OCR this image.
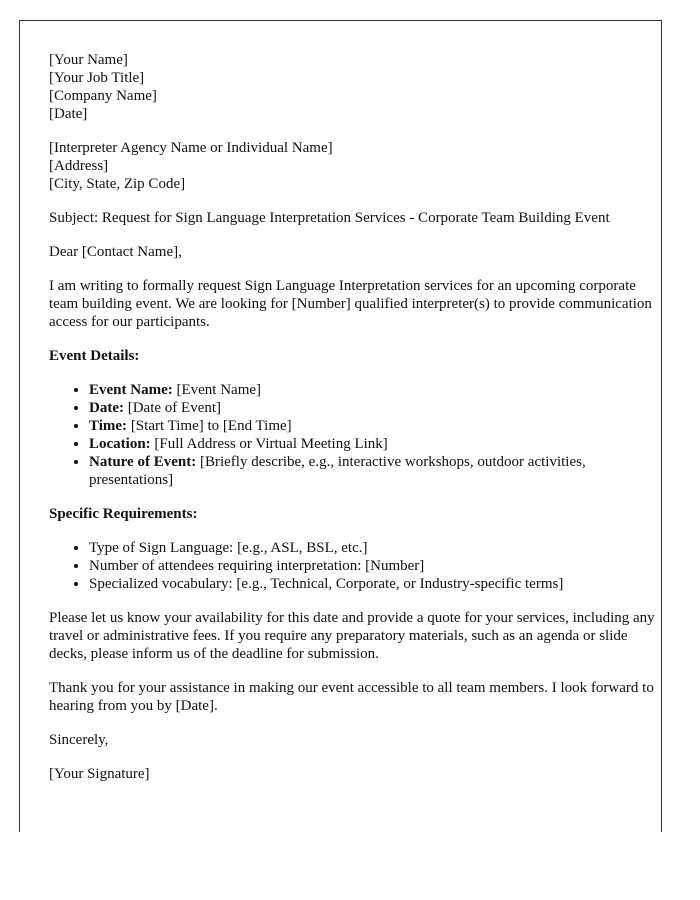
[Your Name]
[Your Job Title]
[Company Name]
[Date]

[Interpreter Agency Name or Individual Name]
[Address]
[City, State, Zip Code]

Subject: Request for Sign Language Interpretation Services - Corporate Team Building Event

Dear [Contact Name],

I am writing to formally request Sign Language Interpretation services for an upcoming corporate team building event. We are looking for [Number] qualified interpreter(s) to provide communication access for our participants.

Event Details:

• Event Name: [Event Name]
• Date: [Date of Event]
• Time: [Start Time] to [End Time]
• Location: [Full Address or Virtual Meeting Link]
• Nature of Event: [Briefly describe, e.g., interactive workshops, outdoor activities, presentations]

Specific Requirements:

• Type of Sign Language: [e.g., ASL, BSL, etc.]
• Number of attendees requiring interpretation: [Number]
• Specialized vocabulary: [e.g., Technical, Corporate, or Industry-specific terms]

Please let us know your availability for this date and provide a quote for your services, including any travel or administrative fees. If you require any preparatory materials, such as an agenda or slide decks, please inform us of the deadline for submission.

Thank you for your assistance in making our event accessible to all team members. I look forward to hearing from you by [Date].

Sincerely,

[Your Signature]
